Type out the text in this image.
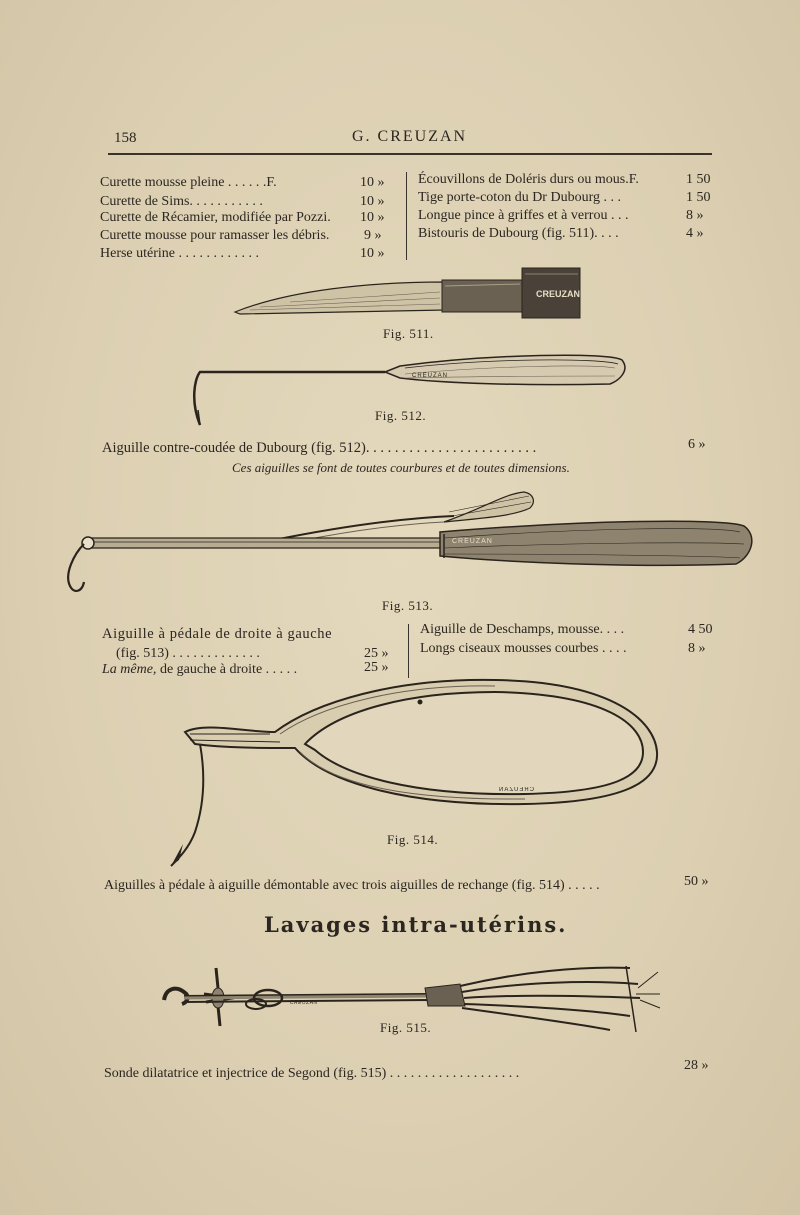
158	G. CREUZAN
Curette mousse pleine . . . . . .F.	10 »
Curette de Sims. . . . . . . . . . .	10 »
Curette de Récamier, modifiée par Pozzi. 10 »
Curette mousse pour ramasser les débris. 9 »
Herse utérine . . . . . . . . . . . .	10 »
Écouvillons de Doléris durs ou mous.F.	1 50
Tige porte-coton du Dr Dubourg . . .	1 50
Longue pince à griffes et à verrou . . .	8 »
Bistouris de Dubourg (fig. 511). . . .	4 »
CREUZAN
Fig. 511.
CREUZAN
Fig. 512.
Aiguille contre-coudée de Dubourg (fig. 512). . . . . . . . . . . . . . . . . . . . . . . .	6 »
Ces aiguilles se font de toutes courbures et de toutes dimensions.
CREUZAN
Fig. 513.
Aiguille à pédale de droite à gauche
(fig. 513) . . . . . . . . . . . . .	25 »
La même, de gauche à droite . . . . .	25 »
Aiguille de Deschamps, mousse. . . .	4 50
Longs ciseaux mousses courbes . . . .	8 »
CREUZAN
Fig. 514.
Aiguilles à pédale à aiguille démontable avec trois aiguilles de rechange (fig. 514) . . . . .	50 »
Lavages intra-utérins.
CREUZAN
Fig. 515.
Sonde dilatatrice et injectrice de Segond (fig. 515) . . . . . . . . . . . . . . . . . . .
28 »
